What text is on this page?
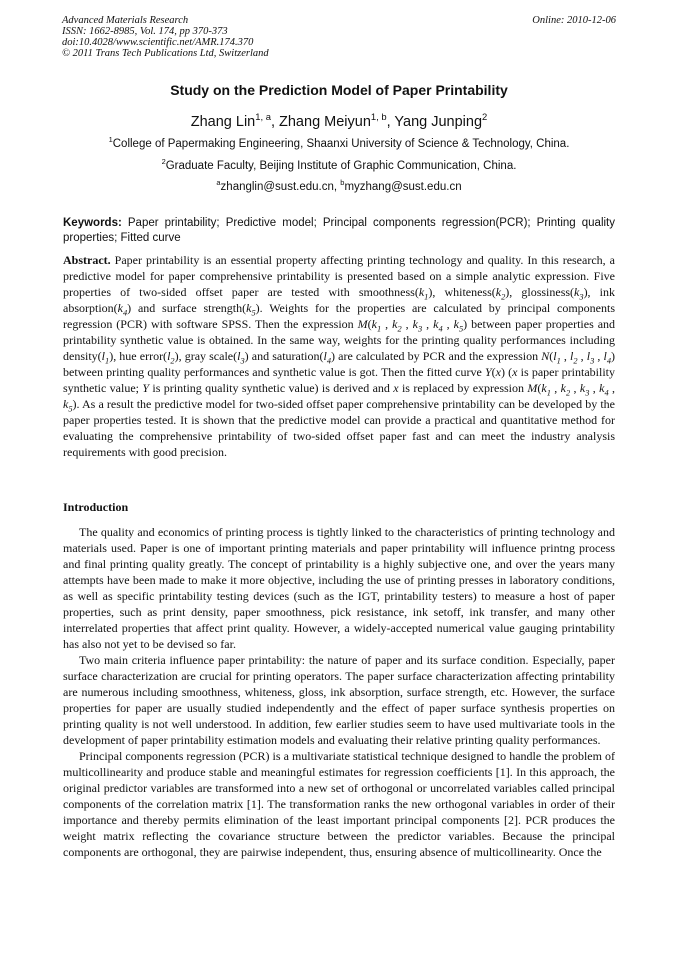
Advanced Materials Research
ISSN: 1662-8985, Vol. 174, pp 370-373
doi:10.4028/www.scientific.net/AMR.174.370
© 2011 Trans Tech Publications Ltd, Switzerland
Online: 2010-12-06
Study on the Prediction Model of Paper Printability
Zhang Lin$^{1, a}$, Zhang Meiyun$^{1, b}$, Yang Junping$^2$
$^1$College of Papermaking Engineering, Shaanxi University of Science & Technology, China.
$^2$Graduate Faculty, Beijing Institute of Graphic Communication, China.
$^a$zhanglin@sust.edu.cn, $^b$myzhang@sust.edu.cn
Keywords: Paper printability; Predictive model; Principal components regression(PCR); Printing quality properties; Fitted curve
Abstract. Paper printability is an essential property affecting printing technology and quality. In this research, a predictive model for paper comprehensive printability is presented based on a simple analytic expression. Five properties of two-sided offset paper are tested with $smoothness(k_1)$, $whiteness(k_2)$, $glossiness(k_3)$, ink $absorption(k_4)$ and surface $strength(k_5)$. Weights for the properties are calculated by principal components regression (PCR) with software SPSS. Then the expression $M(k_1$ , $k_2$ , $k_3$ , $k_4$ , $k_5$) between paper properties and printability synthetic value is obtained. In the same way, weights for the printing quality performances including $density(l_1)$, hue $error(l_2)$, gray $scale(l_3)$ and $saturation(l_4)$ are calculated by PCR and the expression $N(l_1$ , $l_2$ , $l_3$ , $l_4$) between printing quality performances and synthetic value is got. Then the fitted curve Y(x) (x is paper printability synthetic value; Y is printing quality synthetic value) is derived and x is replaced by expression $M(k_1$ , $k_2$ , $k_3$ , $k_4$ , $k_5$). As a result the predictive model for two-sided offset paper comprehensive printability can be developed by the paper properties tested. It is shown that the predictive model can provide a practical and quantitative method for evaluating the comprehensive printability of two-sided offset paper fast and can meet the industry analysis requirements with good precision.
Introduction

The quality and economics of printing process is tightly linked to the characteristics of printing technology and materials used. Paper is one of important printing materials and paper printability will influence printng process and final printing quality greatly. The concept of printability is a highly subjective one, and over the years many attempts have been made to make it more objective, including the use of printing presses in laboratory conditions, as well as specific printability testing devices (such as the IGT, printability testers) to measure a host of paper properties, such as print density, paper smoothness, pick resistance, ink setoff, ink transfer, and many other interrelated properties that affect print quality. However, a widely-accepted numerical value gauging printability has also not yet to be devised so far.

Two main criteria influence paper printability: the nature of paper and its surface condition. Especially, paper surface characterization are crucial for printing operators. The paper surface characterization affecting printability are numerous including smoothness, whiteness, gloss, ink absorption, surface strength, etc. However, the surface properties for paper are usually studied independently and the effect of paper surface synthesis properties on printing quality is not well understood. In addition, few earlier studies seem to have used multivariate tools in the development of paper printability estimation models and evaluating their relative printing quality performances.

Principal components regression (PCR) is a multivariate statistical technique designed to handle the problem of multicollinearity and produce stable and meaningful estimates for regression coefficients [1]. In this approach, the original predictor variables are transformed into a new set of orthogonal or uncorrelated variables called principal components of the correlation matrix [1]. The transformation ranks the new orthogonal variables in order of their importance and thereby permits elimination of the least important principal components [2]. PCR produces the weight matrix reflecting the covariance structure between the predictor variables. Because the principal components are orthogonal, they are pairwise independent, thus, ensuring absence of multicollinearity. Once the
